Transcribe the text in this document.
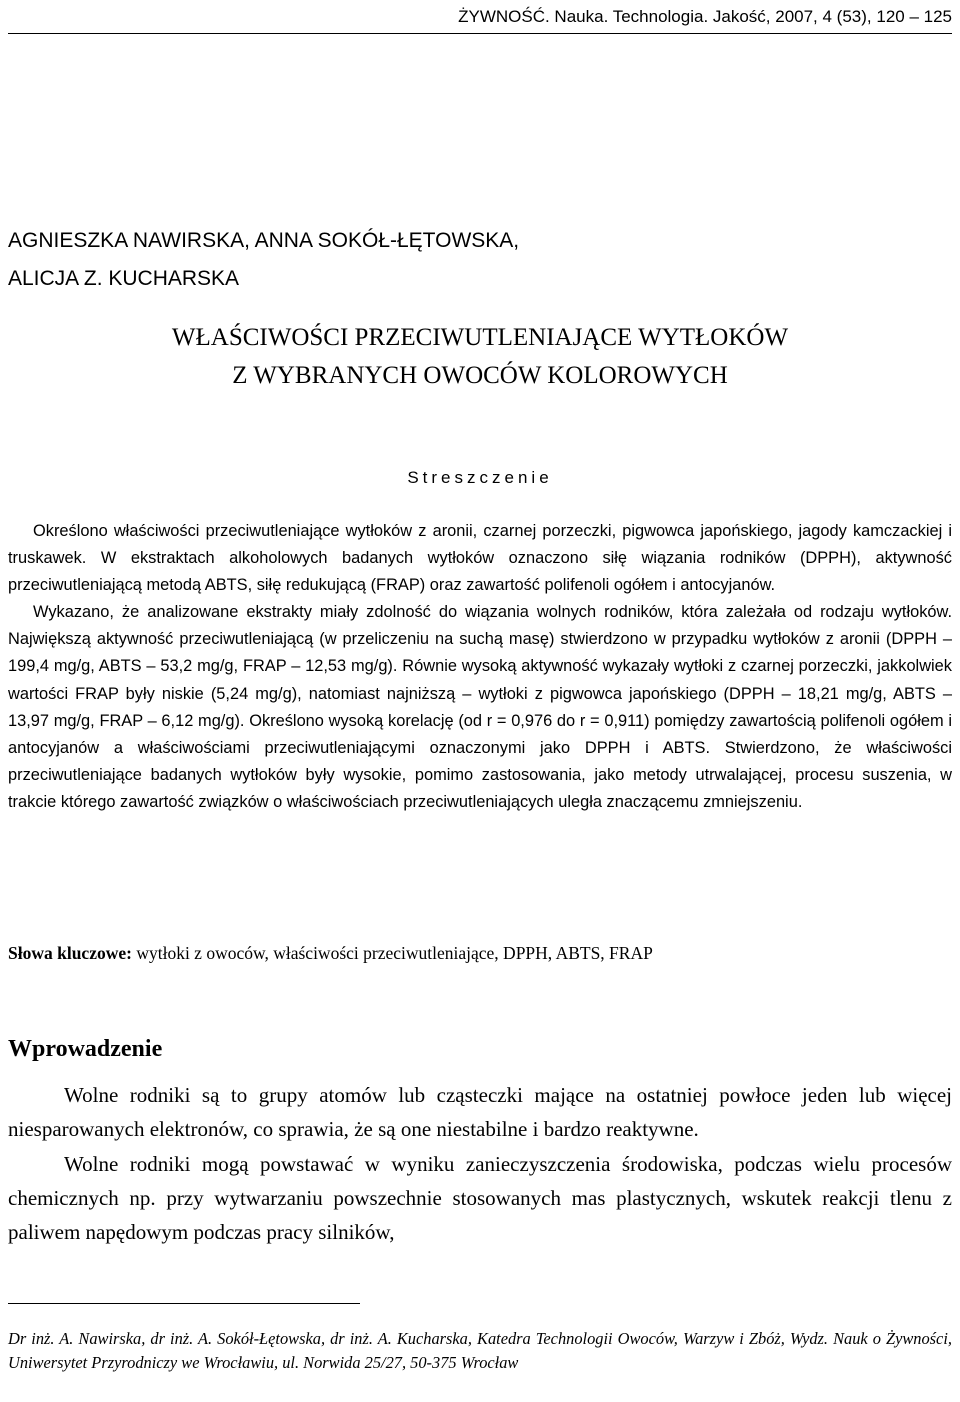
ŻYWNOŚĆ. Nauka. Technologia. Jakość, 2007, 4 (53), 120 – 125
AGNIESZKA NAWIRSKA, ANNA SOKÓŁ-ŁĘTOWSKA,
ALICJA Z. KUCHARSKA
WŁAŚCIWOŚCI PRZECIWUTLENIAJĄCE WYTŁOKÓW
Z WYBRANYCH OWOCÓW KOLOROWYCH
Streszczenie

Określono właściwości przeciwutleniające wytłoków z aronii, czarnej porzeczki, pigwowca japońskiego, jagody kamczackiej i truskawek. W ekstraktach alkoholowych badanych wytłoków oznaczono siłę wiązania rodników (DPPH), aktywność przeciwutleniającą metodą ABTS, siłę redukującą (FRAP) oraz zawartość polifenoli ogółem i antocyjanów.

Wykazano, że analizowane ekstrakty miały zdolność do wiązania wolnych rodników, która zależała od rodzaju wytłoków. Największą aktywność przeciwutleniającą (w przeliczeniu na suchą masę) stwierdzono w przypadku wytłoków z aronii (DPPH – 199,4 mg/g, ABTS – 53,2 mg/g, FRAP – 12,53 mg/g). Równie wysoką aktywność wykazały wytłoki z czarnej porzeczki, jakkolwiek wartości FRAP były niskie (5,24 mg/g), natomiast najniższą – wytłoki z pigwowca japońskiego (DPPH – 18,21 mg/g, ABTS – 13,97 mg/g, FRAP – 6,12 mg/g). Określono wysoką korelację (od r = 0,976 do r = 0,911) pomiędzy zawartością polifenoli ogółem i antocyjanów a właściwościami przeciwutleniającymi oznaczonymi jako DPPH i ABTS. Stwierdzono, że właściwości przeciwutleniające badanych wytłoków były wysokie, pomimo zastosowania, jako metody utrwalającej, procesu suszenia, w trakcie którego zawartość związków o właściwościach przeciwutleniających uległa znaczącemu zmniejszeniu.

Słowa kluczowe: wytłoki z owoców, właściwości przeciwutleniające, DPPH, ABTS, FRAP
Wprowadzenie

Wolne rodniki są to grupy atomów lub cząsteczki mające na ostatniej powłoce jeden lub więcej niesparowanych elektronów, co sprawia, że są one niestabilne i bardzo reaktywne.

Wolne rodniki mogą powstawać w wyniku zanieczyszczenia środowiska, podczas wielu procesów chemicznych np. przy wytwarzaniu powszechnie stosowanych mas plastycznych, wskutek reakcji tlenu z paliwem napędowym podczas pracy silników,

Dr inż. A. Nawirska, dr inż. A. Sokół-Łętowska, dr inż. A. Kucharska, Katedra Technologii Owoców, Warzyw i Zbóż, Wydz. Nauk o Żywności, Uniwersytet Przyrodniczy we Wrocławiu, ul. Norwida 25/27, 50-375 Wrocław
